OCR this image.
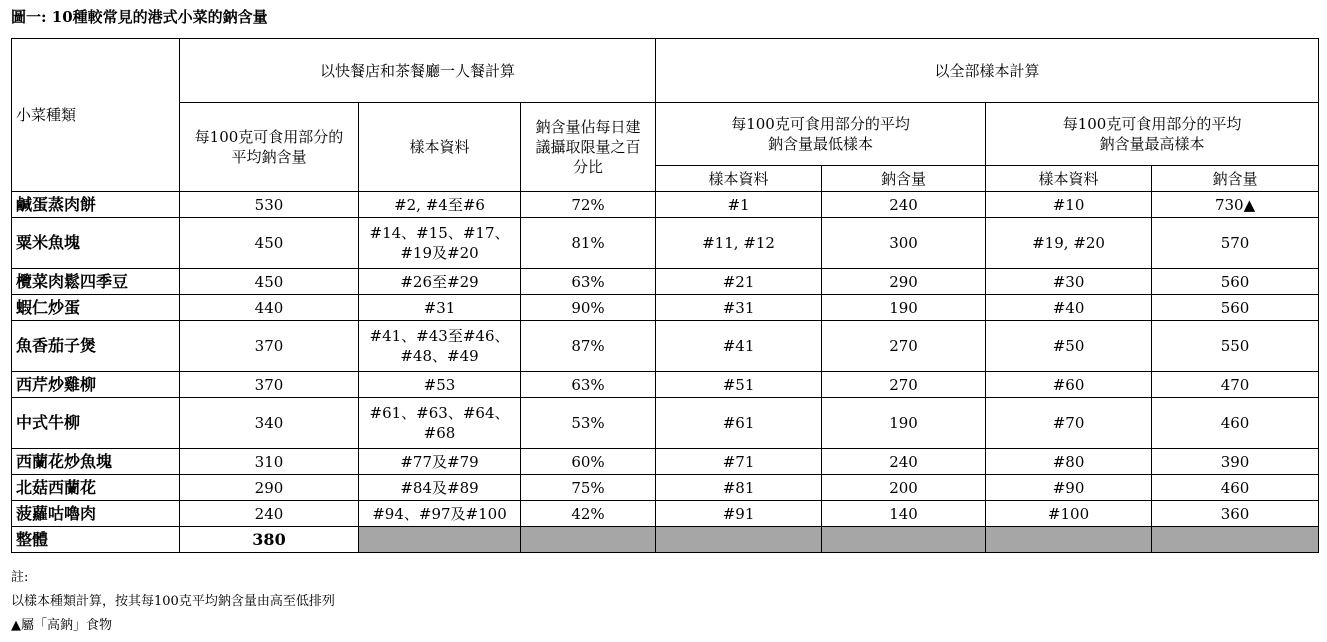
圖一: 10種較常見的港式小菜的鈉含量
小菜種類	以快餐店和茶餐廳一人餐計算			以全部樣本計算			
	每100克可食用部分的平均鈉含量	樣本資料	鈉含量佔每日建議攝取限量之百分比	每100克可食用部分的平均鈉含量最低樣本		每100克可食用部分的平均鈉含量最高樣本	
				樣本資料	鈉含量	樣本資料	鈉含量
鹹蛋蒸肉餅	530	#2, #4至#6	72%	#1	240	#10	730▲
粟米魚塊	450	#14、#15、#17、#19及#20	81%	#11, #12	300	#19, #20	570
欖菜肉鬆四季豆	450	#26至#29	63%	#21	290	#30	560
蝦仁炒蛋	440	#31	90%	#31	190	#40	560
魚香茄子煲	370	#41、#43至#46、#48、#49	87%	#41	270	#50	550
西芹炒雞柳	370	#53	63%	#51	270	#60	470
中式牛柳	340	#61、#63、#64、#68	53%	#61	190	#70	460
西蘭花炒魚塊	310	#77及#79	60%	#71	240	#80	390
北菇西蘭花	290	#84及#89	75%	#81	200	#90	460
菠蘿咕嚕肉	240	#94、#97及#100	42%	#91	140	#100	360
整體	380						
註:
以樣本種類計算，按其每100克平均鈉含量由高至低排列
▲屬「高鈉」食物
